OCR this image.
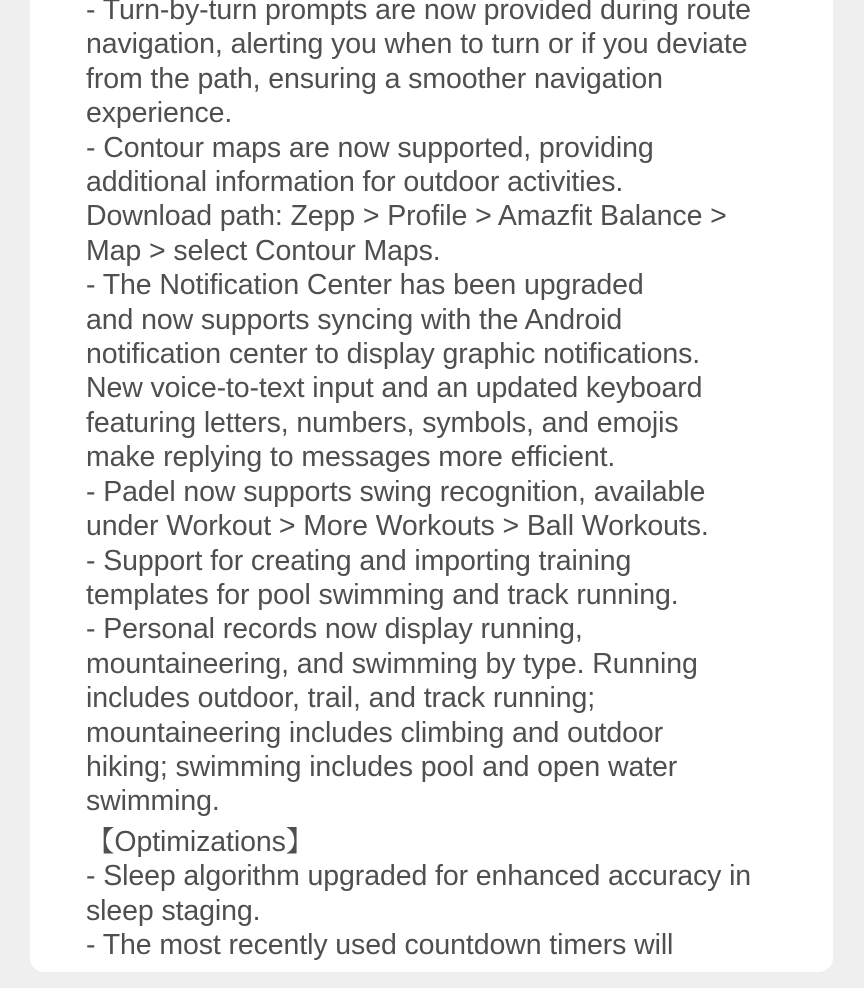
- Turn-by-turn prompts are now provided during route
navigation, alerting you when to turn or if you deviate
from the path, ensuring a smoother navigation
experience.
- Contour maps are now supported, providing
additional information for outdoor activities.
Download path: Zepp > Profile > Amazfit Balance >
Map > select Contour Maps.
- The Notification Center has been upgraded
and now supports syncing with the Android
notification center to display graphic notifications.
New voice-to-text input and an updated keyboard
featuring letters, numbers, symbols, and emojis
make replying to messages more efficient.
- Padel now supports swing recognition, available
under Workout > More Workouts > Ball Workouts.
- Support for creating and importing training
templates for pool swimming and track running.
- Personal records now display running,
mountaineering, and swimming by type. Running
includes outdoor, trail, and track running;
mountaineering includes climbing and outdoor
hiking; swimming includes pool and open water
swimming.
【Optimizations】
- Sleep algorithm upgraded for enhanced accuracy in
sleep staging.
- The most recently used countdown timers will
